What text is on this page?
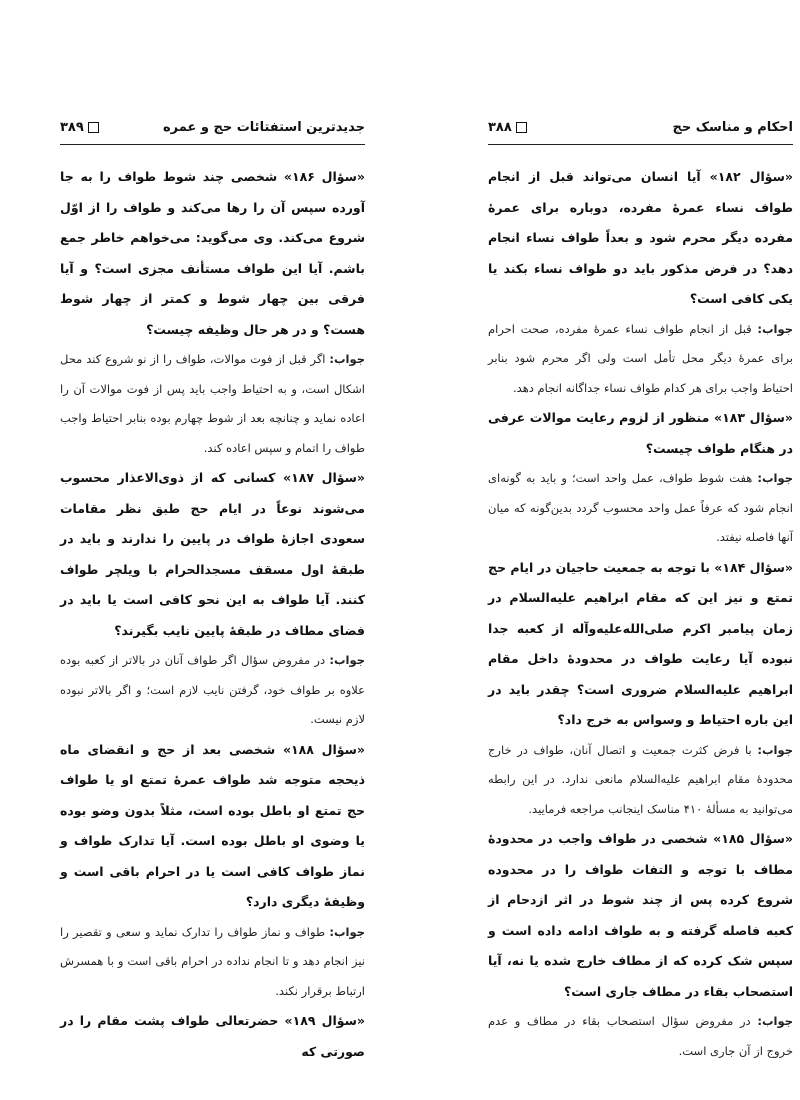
جدیدترین استفتائات حج و عمره
۳۸۹	احکام و مناسک حج
۳۸۸

«سؤال ۱۸۶» شخصی چند شوط طواف را به جا آورده سپس آن را رها می‌کند و طواف را از اوّل شروع می‌کند. وی می‌گوید: می‌خواهم خاطر جمع باشم. آیا این طواف مستأنف مجزی است؟ و آیا فرقی بین چهار شوط و کمتر از چهار شوط هست؟ و در هر حال وظیفه چیست؟

جواب: اگر قبل از فوت موالات، طواف را از نو شروع کند محل اشکال است، و به احتیاط واجب باید پس از فوت موالات آن را اعاده نماید و چنانچه بعد از شوط چهارم بوده بنابر احتیاط واجب طواف را اتمام و سپس اعاده کند.

«سؤال ۱۸۷» کسانی که از ذوی‌الاعذار محسوب می‌شوند نوعاً در ایام حج طبق نظر مقامات سعودی اجازهٔ طواف در پایین را ندارند و باید در طبقهٔ اول مسقف مسجدالحرام با ویلچر طواف کنند. آیا طواف به این نحو کافی است یا باید در فضای مطاف در طبقهٔ پایین نایب بگیرند؟

جواب: در مفروض سؤال اگر طواف آنان در بالاتر از کعبه بوده علاوه بر طواف خود، گرفتن نایب لازم است؛ و اگر بالاتر نبوده لازم نیست.

«سؤال ۱۸۸» شخصی بعد از حج و انقضای ماه ذیحجه متوجه شد طواف عمرهٔ تمتع او یا طواف حج تمتع او باطل بوده است، مثلاً بدون وضو بوده یا وضوی او باطل بوده است. آیا تدارک طواف و نماز طواف کافی است یا در احرام باقی است و وظیفهٔ دیگری دارد؟

جواب: طواف و نماز طواف را تدارک نماید و سعی و تقصیر را نیز انجام دهد و تا انجام نداده در احرام باقی است و با همسرش ارتباط برقرار نکند.

«سؤال ۱۸۹» حضرتعالی طواف پشت مقام را در صورتی که

«سؤال ۱۸۲» آیا انسان می‌تواند قبل از انجام طواف نساء عمرهٔ مفرده، دوباره برای عمرهٔ مفرده دیگر محرم شود و بعداً طواف نساء انجام دهد؟ در فرض مذکور باید دو طواف نساء بکند یا یکی کافی است؟

جواب: قبل از انجام طواف نساء عمرهٔ مفرده، صحت احرام برای عمرهٔ دیگر محل تأمل است ولی اگر محرم شود بنابر احتیاط واجب برای هر کدام طواف نساء جداگانه انجام دهد.

«سؤال ۱۸۳» منظور از لزوم رعایت موالات عرفی در هنگام طواف چیست؟

جواب: هفت شوط طواف، عمل واحد است؛ و باید به گونه‌ای انجام شود که عرفاً عمل واحد محسوب گردد بدین‌گونه که میان آنها فاصله نیفتد.

«سؤال ۱۸۴» با توجه به جمعیت حاجیان در ایام حج تمتع و نیز این که مقام ابراهیم علیه‌السلام در زمان پیامبر اکرم صلی‌الله‌علیه‌وآله از کعبه جدا نبوده آیا رعایت طواف در محدودهٔ داخل مقام ابراهیم علیه‌السلام ضروری است؟ چقدر باید در این باره احتیاط و وسواس به خرج داد؟

جواب: با فرض کثرت جمعیت و اتصال آنان، طواف در خارج محدودهٔ مقام ابراهیم علیه‌السلام مانعی ندارد. در این رابطه می‌توانید به مسألهٔ ۴۱۰ مناسک اینجانب مراجعه فرمایید.

«سؤال ۱۸۵» شخصی در طواف واجب در محدودهٔ مطاف با توجه و التفات طواف را در محدوده شروع کرده پس از چند شوط در اثر ازدحام از کعبه فاصله گرفته و به طواف ادامه داده است و سپس شک کرده که از مطاف خارج شده یا نه، آیا استصحاب بقاء در مطاف جاری است؟

جواب: در مفروض سؤال استصحاب بقاء در مطاف و عدم خروج از آن جاری است.
